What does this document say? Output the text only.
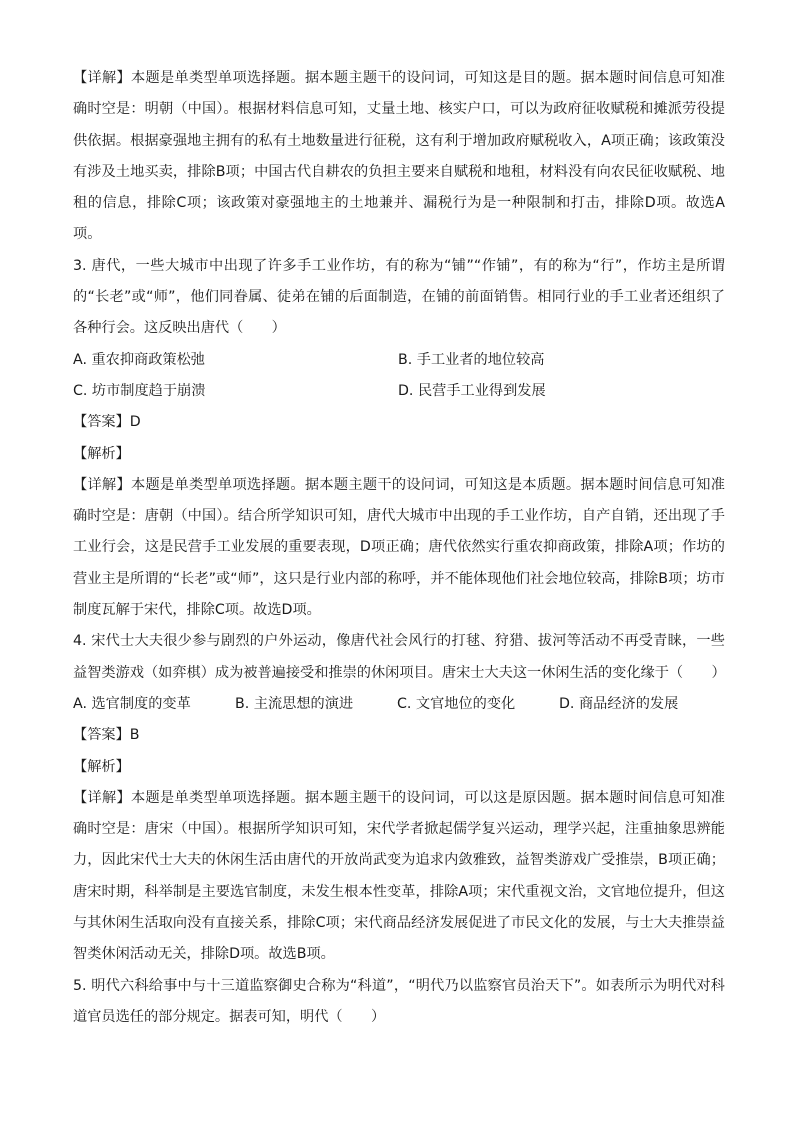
【详解】本题是单类型单项选择题。据本题主题干的设问词，可知这是目的题。据本题时间信息可知准确时空是：明朝（中国）。根据材料信息可知，丈量土地、核实户口，可以为政府征收赋税和摊派劳役提供依据。根据豪强地主拥有的私有土地数量进行征税，这有利于增加政府赋税收入，A项正确；该政策没有涉及土地买卖，排除B项；中国古代自耕农的负担主要来自赋税和地租，材料没有向农民征收赋税、地租的信息，排除C项；该政策对豪强地主的土地兼并、漏税行为是一种限制和打击，排除D项。故选A项。

3. 唐代，一些大城市中出现了许多手工业作坊，有的称为“铺”“作铺”，有的称为“行”，作坊主是所谓的“长老”或“师”，他们同眷属、徒弟在铺的后面制造，在铺的前面销售。相同行业的手工业者还组织了各种行会。这反映出唐代（　　）

A. 重农抑商政策松弛	B. 手工业者的地位较高
C. 坊市制度趋于崩溃	D. 民营手工业得到发展

【答案】D

【解析】

【详解】本题是单类型单项选择题。据本题主题干的设问词，可知这是本质题。据本题时间信息可知准确时空是：唐朝（中国）。结合所学知识可知，唐代大城市中出现的手工业作坊，自产自销，还出现了手工业行会，这是民营手工业发展的重要表现，D项正确；唐代依然实行重农抑商政策，排除A项；作坊的营业主是所谓的“长老”或“师”，这只是行业内部的称呼，并不能体现他们社会地位较高，排除B项；坊市制度瓦解于宋代，排除C项。故选D项。

4. 宋代士大夫很少参与剧烈的户外运动，像唐代社会风行的打毬、狩猎、拔河等活动不再受青睐，一些益智类游戏（如弈棋）成为被普遍接受和推崇的休闲项目。唐宋士大夫这一休闲生活的变化缘于（　　）

A. 选官制度的变革	B. 主流思想的演进	C. 文官地位的变化	D. 商品经济的发展

【答案】B

【解析】

【详解】本题是单类型单项选择题。据本题主题干的设问词，可以这是原因题。据本题时间信息可知准确时空是：唐宋（中国）。根据所学知识可知，宋代学者掀起儒学复兴运动，理学兴起，注重抽象思辨能力，因此宋代士大夫的休闲生活由唐代的开放尚武变为追求内敛雅致，益智类游戏广受推崇，B项正确；唐宋时期，科举制是主要选官制度，未发生根本性变革，排除A项；宋代重视文治，文官地位提升，但这与其休闲生活取向没有直接关系，排除C项；宋代商品经济发展促进了市民文化的发展，与士大夫推崇益智类休闲活动无关，排除D项。故选B项。

5. 明代六科给事中与十三道监察御史合称为“科道”，“明代乃以监察官员治天下”。如表所示为明代对科道官员选任的部分规定。据表可知，明代（　　）
